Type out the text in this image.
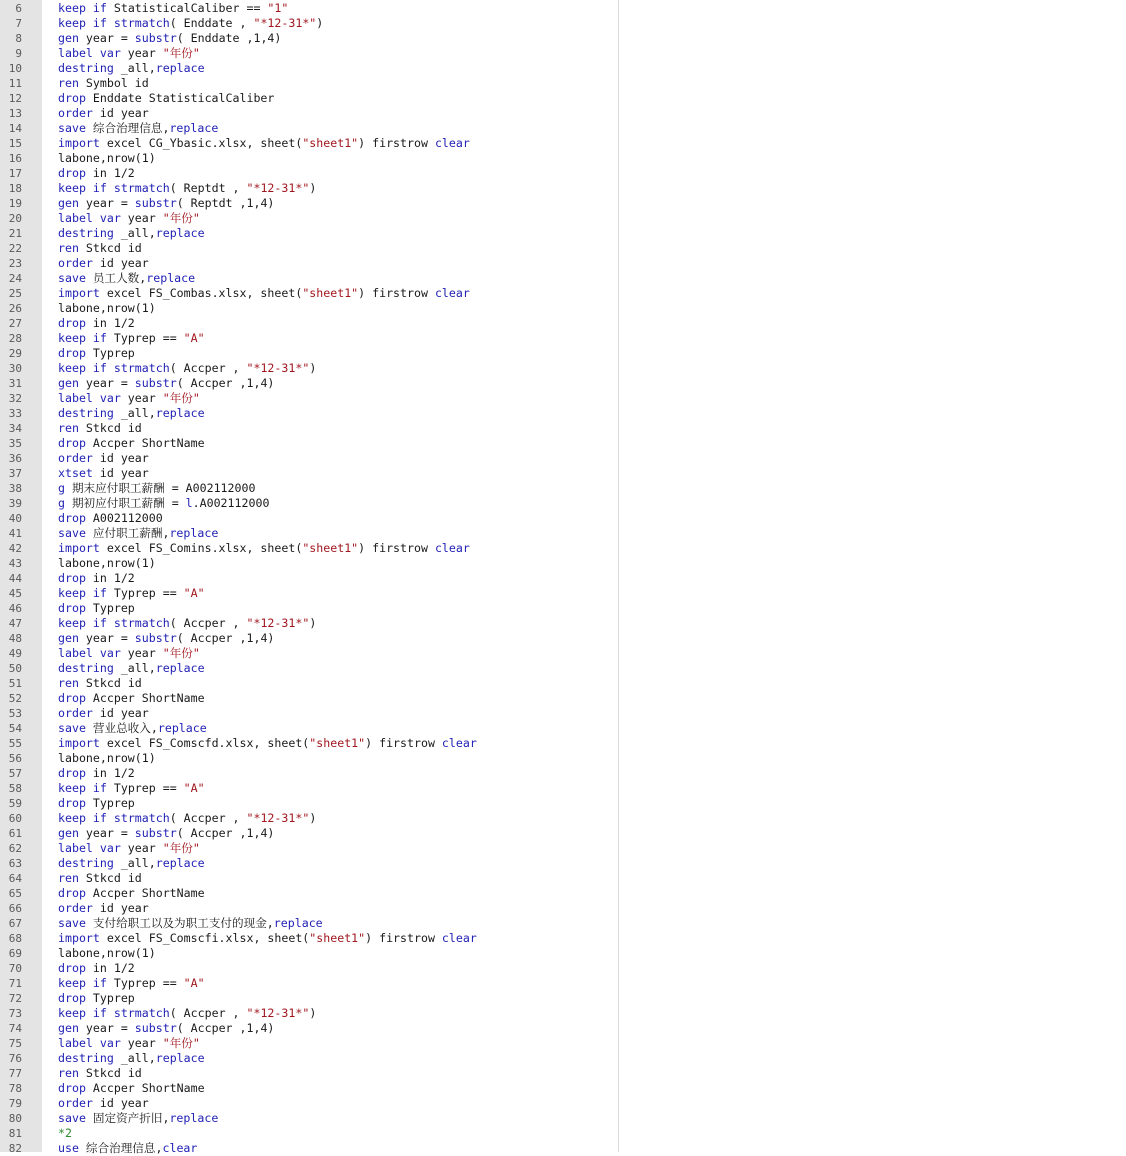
6	keep if StatisticalCaliber == "1"
7	keep if strmatch( Enddate , "*12-31*")
8	gen year = substr( Enddate ,1,4)
9	label var year "年份"
10	destring _all,replace
11	ren Symbol id
12	drop Enddate StatisticalCaliber
13	order id year
14	save 综合治理信息,replace
15	import excel CG_Ybasic.xlsx, sheet("sheet1") firstrow clear
16	labone,nrow(1)
17	drop in 1/2
18	keep if strmatch( Reptdt , "*12-31*")
19	gen year = substr( Reptdt ,1,4)
20	label var year "年份"
21	destring _all,replace
22	ren Stkcd id
23	order id year
24	save 员工人数,replace
25	import excel FS_Combas.xlsx, sheet("sheet1") firstrow clear
26	labone,nrow(1)
27	drop in 1/2
28	keep if Typrep == "A"
29	drop Typrep
30	keep if strmatch( Accper , "*12-31*")
31	gen year = substr( Accper ,1,4)
32	label var year "年份"
33	destring _all,replace
34	ren Stkcd id
35	drop Accper ShortName
36	order id year
37	xtset id year
38	g 期末应付职工薪酬 = A002112000
39	g 期初应付职工薪酬 = l.A002112000
40	drop A002112000
41	save 应付职工薪酬,replace
42	import excel FS_Comins.xlsx, sheet("sheet1") firstrow clear
43	labone,nrow(1)
44	drop in 1/2
45	keep if Typrep == "A"
46	drop Typrep
47	keep if strmatch( Accper , "*12-31*")
48	gen year = substr( Accper ,1,4)
49	label var year "年份"
50	destring _all,replace
51	ren Stkcd id
52	drop Accper ShortName
53	order id year
54	save 营业总收入,replace
55	import excel FS_Comscfd.xlsx, sheet("sheet1") firstrow clear
56	labone,nrow(1)
57	drop in 1/2
58	keep if Typrep == "A"
59	drop Typrep
60	keep if strmatch( Accper , "*12-31*")
61	gen year = substr( Accper ,1,4)
62	label var year "年份"
63	destring _all,replace
64	ren Stkcd id
65	drop Accper ShortName
66	order id year
67	save 支付给职工以及为职工支付的现金,replace
68	import excel FS_Comscfi.xlsx, sheet("sheet1") firstrow clear
69	labone,nrow(1)
70	drop in 1/2
71	keep if Typrep == "A"
72	drop Typrep
73	keep if strmatch( Accper , "*12-31*")
74	gen year = substr( Accper ,1,4)
75	label var year "年份"
76	destring _all,replace
77	ren Stkcd id
78	drop Accper ShortName
79	order id year
80	save 固定资产折旧,replace
81	*2
82	use 综合治理信息,clear
